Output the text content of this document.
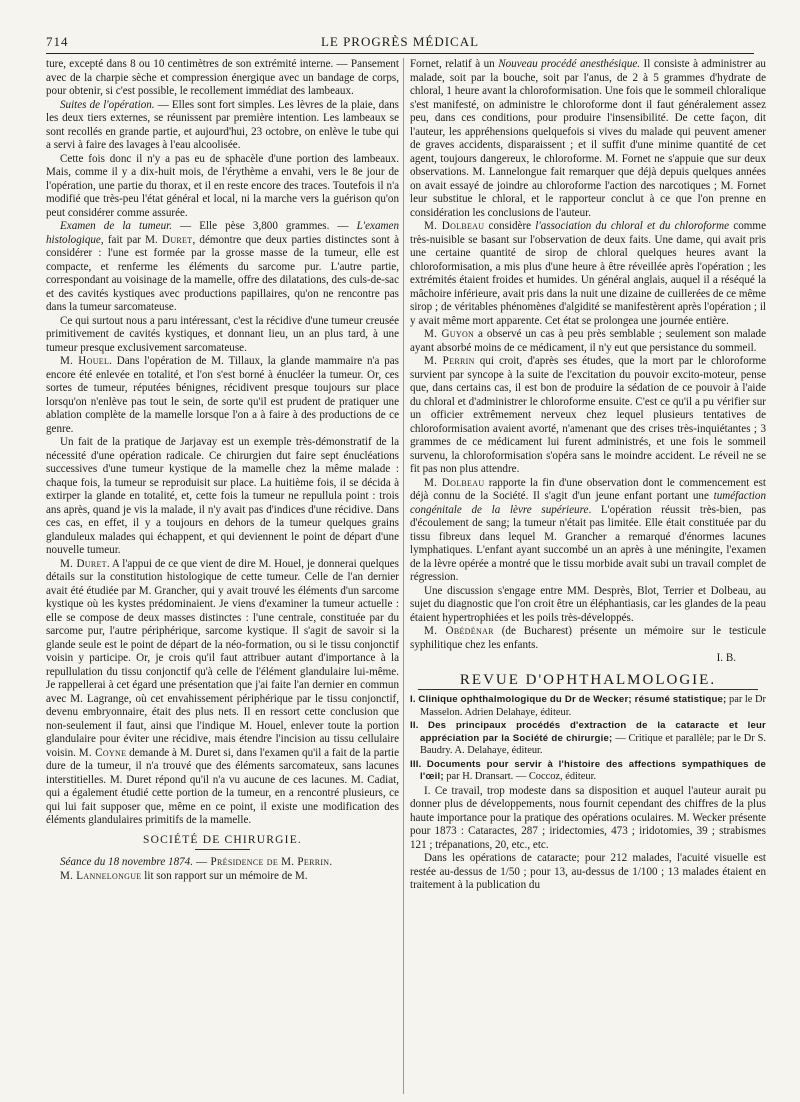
714	LE PROGRÈS MÉDICAL

ture, excepté dans 8 ou 10 centimètres de son extrémité interne. — Pansement avec de la charpie sèche et compression énergique avec un bandage de corps, pour obtenir, si c'est possible, le recollement immédiat des lambeaux.

Suites de l'opération. — Elles sont fort simples. Les lèvres de la plaie, dans les deux tiers externes, se réunissent par première intention. Les lambeaux se sont recollés en grande partie, et aujourd'hui, 23 octobre, on enlève le tube qui a servi à faire des lavages à l'eau alcoolisée.

Cette fois donc il n'y a pas eu de sphacèle d'une portion des lambeaux. Mais, comme il y a dix-huit mois, de l'érythème a envahi, vers le 8e jour de l'opération, une partie du thorax, et il en reste encore des traces. Toutefois il n'a modifié que très-peu l'état général et local, ni la marche vers la guérison qu'on peut considérer comme assurée.

Examen de la tumeur. — Elle pèse 3,800 grammes. — L'examen histologique, fait par M. Duret, démontre que deux parties distinctes sont à considérer : l'une est formée par la grosse masse de la tumeur, elle est compacte, et renferme les éléments du sarcome pur. L'autre partie, correspondant au voisinage de la mamelle, offre des dilatations, des culs-de-sac et des cavités kystiques avec productions papillaires, qu'on ne rencontre pas dans la tumeur sarcomateuse.

Ce qui surtout nous a paru intéressant, c'est la récidive d'une tumeur creusée primitivement de cavités kystiques, et donnant lieu, un an plus tard, à une tumeur presque exclusivement sarcomateuse.

M. Houel. Dans l'opération de M. Tillaux, la glande mammaire n'a pas encore été enlevée en totalité, et l'on s'est borné à énucléer la tumeur. Or, ces sortes de tumeur, réputées bénignes, récidivent presque toujours sur place lorsqu'on n'enlève pas tout le sein, de sorte qu'il est prudent de pratiquer une ablation complète de la mamelle lorsque l'on a à faire à des productions de ce genre.

Un fait de la pratique de Jarjavay est un exemple très-démonstratif de la nécessité d'une opération radicale. Ce chirurgien dut faire sept énucléations successives d'une tumeur kystique de la mamelle chez la même malade : chaque fois, la tumeur se reproduisit sur place. La huitième fois, il se décida à extirper la glande en totalité, et, cette fois la tumeur ne repullula point : trois ans après, quand je vis la malade, il n'y avait pas d'indices d'une récidive. Dans ces cas, en effet, il y a toujours en dehors de la tumeur quelques grains glanduleux malades qui échappent, et qui deviennent le point de départ d'une nouvelle tumeur.

M. Duret. A l'appui de ce que vient de dire M. Houel, je donnerai quelques détails sur la constitution histologique de cette tumeur. Celle de l'an dernier avait été étudiée par M. Grancher, qui y avait trouvé les éléments d'un sarcome kystique où les kystes prédominaient. Je viens d'examiner la tumeur actuelle : elle se compose de deux masses distinctes : l'une centrale, constituée par du sarcome pur, l'autre périphérique, sarcome kystique. Il s'agit de savoir si la glande seule est le point de départ de la néo-formation, ou si le tissu conjonctif voisin y participe. Or, je crois qu'il faut attribuer autant d'importance à la repullulation du tissu conjonctif qu'à celle de l'élément glandulaire lui-même. Je rappellerai à cet égard une présentation que j'ai faite l'an dernier en commun avec M. Lagrange, où cet envahissement périphérique par le tissu conjonctif, devenu embryonnaire, était des plus nets. Il en ressort cette conclusion que non-seulement il faut, ainsi que l'indique M. Houel, enlever toute la portion glandulaire pour éviter une récidive, mais étendre l'incision au tissu cellulaire voisin. M. Coyne demande à M. Duret si, dans l'examen qu'il a fait de la partie dure de la tumeur, il n'a trouvé que des éléments sarcomateux, sans lacunes interstitielles. M. Duret répond qu'il n'a vu aucune de ces lacunes. M. Cadiat, qui a également étudié cette portion de la tumeur, en a rencontré plusieurs, ce qui lui fait supposer que, même en ce point, il existe une modification des éléments glandulaires primitifs de la mamelle.

SOCIÉTÉ DE CHIRURGIE.

Séance du 18 novembre 1874. — Présidence de M. Perrin.

M. Lannelongue lit son rapport sur un mémoire de M.

Fornet, relatif à un Nouveau procédé anesthésique. Il consiste à administrer au malade, soit par la bouche, soit par l'anus, de 2 à 5 grammes d'hydrate de chloral, 1 heure avant la chloroformisation. Une fois que le sommeil chloralique s'est manifesté, on administre le chloroforme dont il faut généralement assez peu, dans ces conditions, pour produire l'insensibilité. De cette façon, dit l'auteur, les appréhensions quelquefois si vives du malade qui peuvent amener de graves accidents, disparaissent ; et il suffit d'une minime quantité de cet agent, toujours dangereux, le chloroforme. M. Fornet ne s'appuie que sur deux observations. M. Lannelongue fait remarquer que déjà depuis quelques années on avait essayé de joindre au chloroforme l'action des narcotiques ; M. Fornet leur substitue le chloral, et le rapporteur conclut à ce que l'on prenne en considération les conclusions de l'auteur.

M. Dolbeau considère l'association du chloral et du chloroforme comme très-nuisible se basant sur l'observation de deux faits. Une dame, qui avait pris une certaine quantité de sirop de chloral quelques heures avant la chloroformisation, a mis plus d'une heure à être réveillée après l'opération ; les extrémités étaient froides et humides. Un général anglais, auquel il a réséqué la mâchoire inférieure, avait pris dans la nuit une dizaine de cuillerées de ce même sirop ; de véritables phénomènes d'algidité se manifestèrent après l'opération ; il y avait même mort apparente. Cet état se prolongea une journée entière.

M. Guyon a observé un cas à peu près semblable ; seulement son malade ayant absorbé moins de ce médicament, il n'y eut que persistance du sommeil.

M. Perrin qui croit, d'après ses études, que la mort par le chloroforme survient par syncope à la suite de l'excitation du pouvoir excito-moteur, pense que, dans certains cas, il est bon de produire la sédation de ce pouvoir à l'aide du chloral et d'administrer le chloroforme ensuite. C'est ce qu'il a pu vérifier sur un officier extrêmement nerveux chez lequel plusieurs tentatives de chloroformisation avaient avorté, n'amenant que des crises très-inquiétantes ; 3 grammes de ce médicament lui furent administrés, et une fois le sommeil survenu, la chloroformisation s'opéra sans le moindre accident. Le réveil ne se fit pas non plus attendre.

M. Dolbeau rapporte la fin d'une observation dont le commencement est déjà connu de la Société. Il s'agit d'un jeune enfant portant une tuméfaction congénitale de la lèvre supérieure. L'opération réussit très-bien, pas d'écoulement de sang; la tumeur n'était pas limitée. Elle était constituée par du tissu fibreux dans lequel M. Grancher a remarqué d'énormes lacunes lymphatiques. L'enfant ayant succombé un an après à une méningite, l'examen de la lèvre opérée a montré que le tissu morbide avait subi un travail complet de régression.

Une discussion s'engage entre MM. Desprès, Blot, Terrier et Dolbeau, au sujet du diagnostic que l'on croit être un éléphantiasis, car les glandes de la peau étaient hypertrophiées et les poils très-développés.

M. Obédénar (de Bucharest) présente un mémoire sur le testicule syphilitique chez les enfants.

I. B.
REVUE D'OPHTHALMOLOGIE.
I. Clinique ophthalmologique du Dr de Wecker; résumé statistique; par le Dr Masselon. Adrien Delahaye, éditeur.
II. Des principaux procédés d'extraction de la cataracte et leur appréciation par la Société de chirurgie; — Critique et parallèle; par le Dr S. Baudry. A. Delahaye, éditeur.
III. Documents pour servir à l'histoire des affections sympathiques de l'œil; par H. Dransart. — Coccoz, éditeur.

I. Ce travail, trop modeste dans sa disposition et auquel l'auteur aurait pu donner plus de développements, nous fournit cependant des chiffres de la plus haute importance pour la pratique des opérations oculaires. M. Wecker présente pour 1873 : Cataractes, 287 ; iridectomies, 473 ; iridotomies, 39 ; strabismes 121 ; trépanations, 20, etc., etc.

Dans les opérations de cataracte; pour 212 malades, l'acuité visuelle est restée au-dessus de 1/50 ; pour 13, au-dessus de 1/100 ; 13 malades étaient en traitement à la publication du
